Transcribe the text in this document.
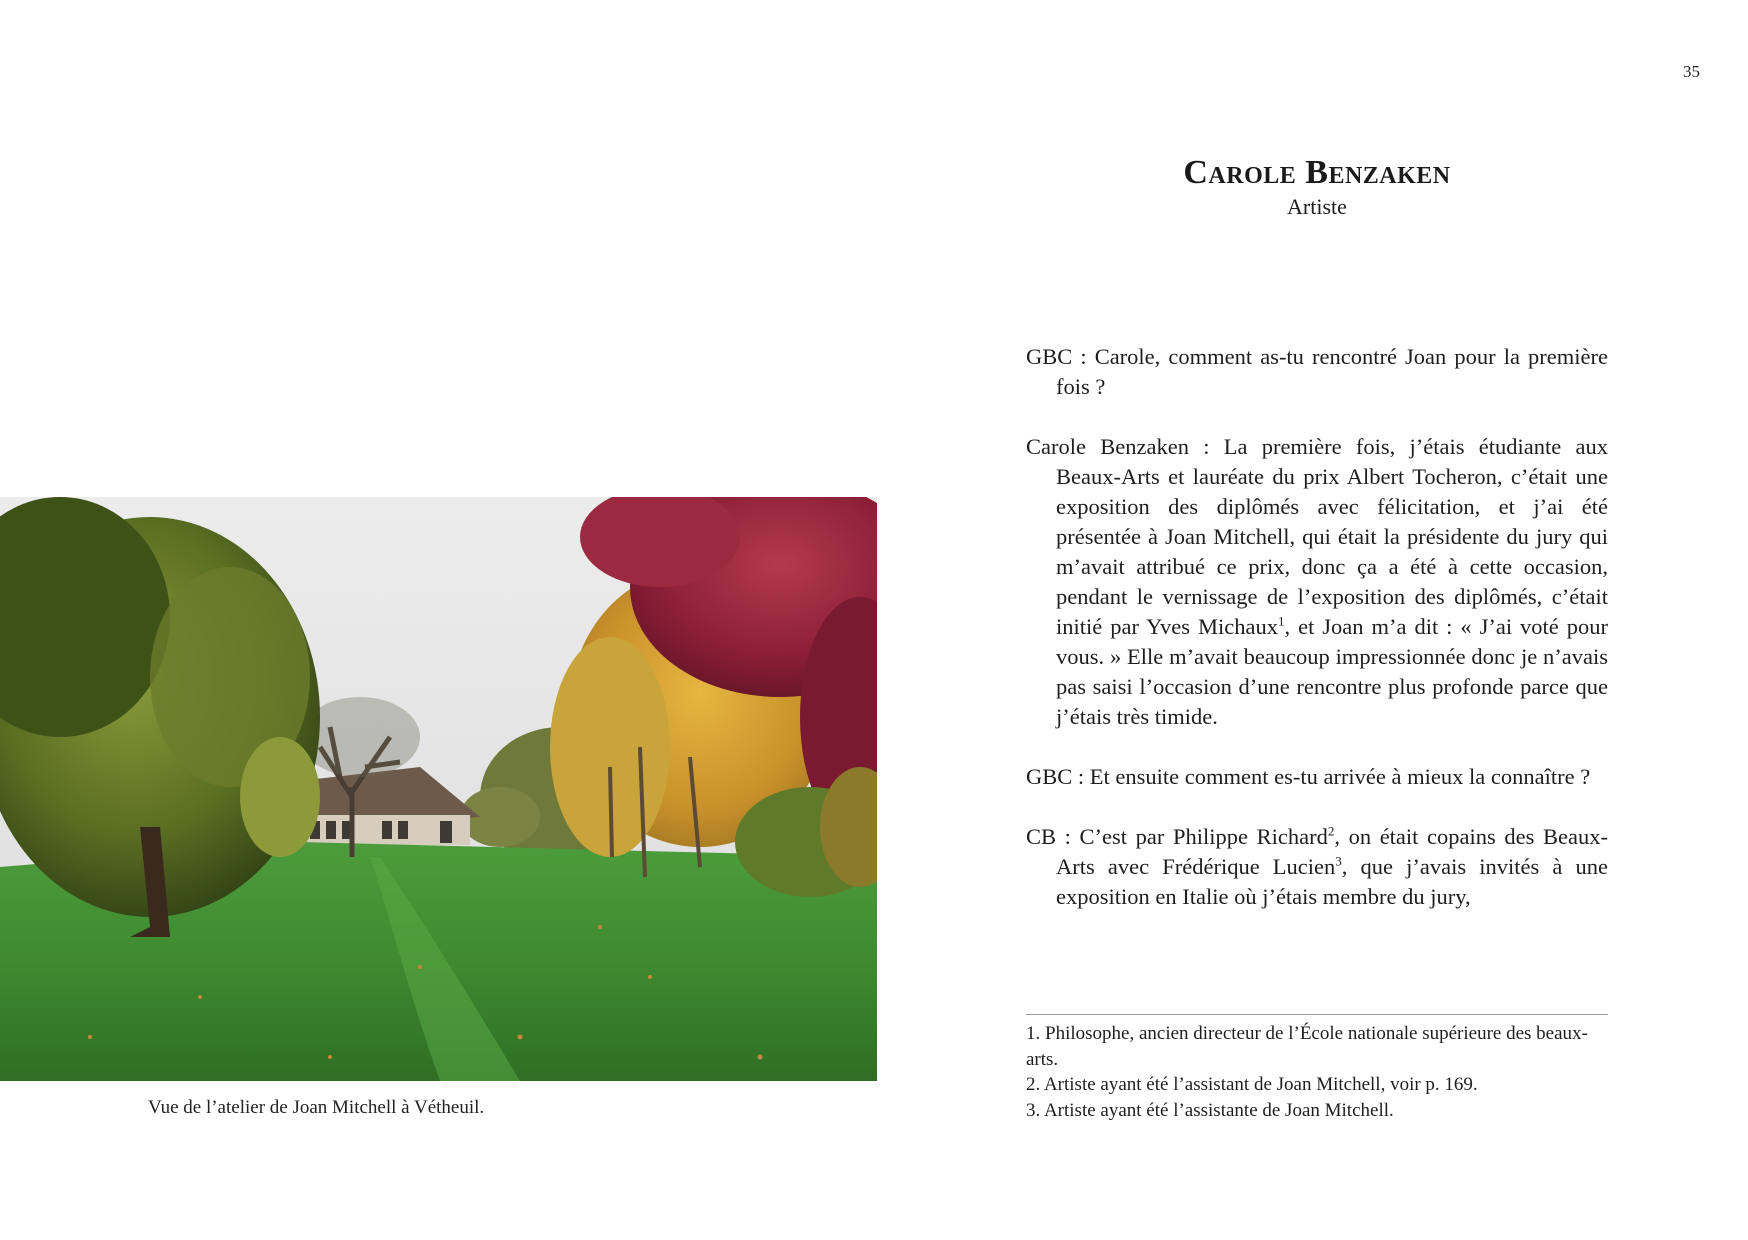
35
Vue de l’atelier de Joan Mitchell à Vétheuil.
Carole Benzaken
Artiste

GBC : Carole, comment as-tu rencontré Joan pour la première fois ?

Carole Benzaken : La première fois, j’étais étudiante aux Beaux-Arts et lauréate du prix Albert Tocheron, c’était une exposition des diplômés avec félicitation, et j’ai été présentée à Joan Mitchell, qui était la présidente du jury qui m’avait attribué ce prix, donc ça a été à cette occasion, pendant le vernissage de l’exposition des diplômés, c’était initié par Yves Michaux$^1$, et Joan m’a dit : « J’ai voté pour vous. » Elle m’avait beaucoup impressionnée donc je n’avais pas saisi l’occasion d’une rencontre plus profonde parce que j’étais très timide.

GBC : Et ensuite comment es-tu arrivée à mieux la connaître ?

CB : C’est par Philippe Richard$^2$, on était copains des Beaux-Arts avec Frédérique Lucien$^3$, que j’avais invités à une exposition en Italie où j’étais membre du jury,

1. Philosophe, ancien directeur de l’École nationale supérieure des beaux-arts.

2. Artiste ayant été l’assistant de Joan Mitchell, voir p. 169.

3. Artiste ayant été l’assistante de Joan Mitchell.
